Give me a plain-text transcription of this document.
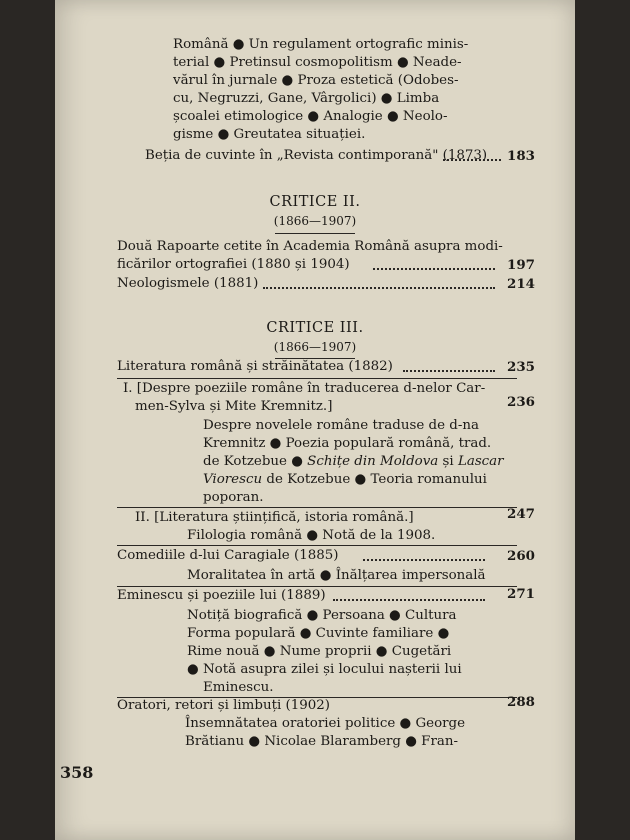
Română ● Un regulament ortografic minis-
terial ● Pretinsul cosmopolitism ● Neade-
vărul în jurnale ● Proza estetică (Odobes-
cu, Negruzzi, Gane, Vârgolici) ● Limba
școalei etimologice ● Analogie ● Neolo-
gisme ● Greutatea situației.
Beția de cuvinte în „Revista contimporană" (1873)	183
CRITICE II.
(1866—1907)
Două Rapoarte cetite în Academia Română asupra modi-
ficărilor ortografiei (1880 și 1904)	197
Neologismele (1881)	214
CRITICE III.
(1866—1907)
Literatura română și străinătatea (1882)	235
I. [Despre poeziile române în traducerea d-nelor Car-
men-Sylva și Mite Kremnitz.]	236
Despre novelele române traduse de d-na
Kremnitz ● Poezia populară română, trad.
de Kotzebue ● Schițe din Moldova și Lascar
Viorescu de Kotzebue ● Teoria romanului
poporan.
II. [Literatura științifică, istoria română.]	247
Filologia română ● Notă de la 1908.
Comediile d-lui Caragiale (1885)	260
Moralitatea în artă ● Înălțarea impersonală
Eminescu și poeziile lui (1889)	271
Notiță biografică ● Persoana ● Cultura
Forma populară ● Cuvinte familiare ●
Rime nouă ● Nume proprii ● Cugetări
● Notă asupra zilei și locului nașterii lui
Eminescu.
Oratori, retori și limbuți (1902)	288
Însemnătatea oratoriei politice ● George
Brătianu ● Nicolae Blaramberg ● Fran-
358
